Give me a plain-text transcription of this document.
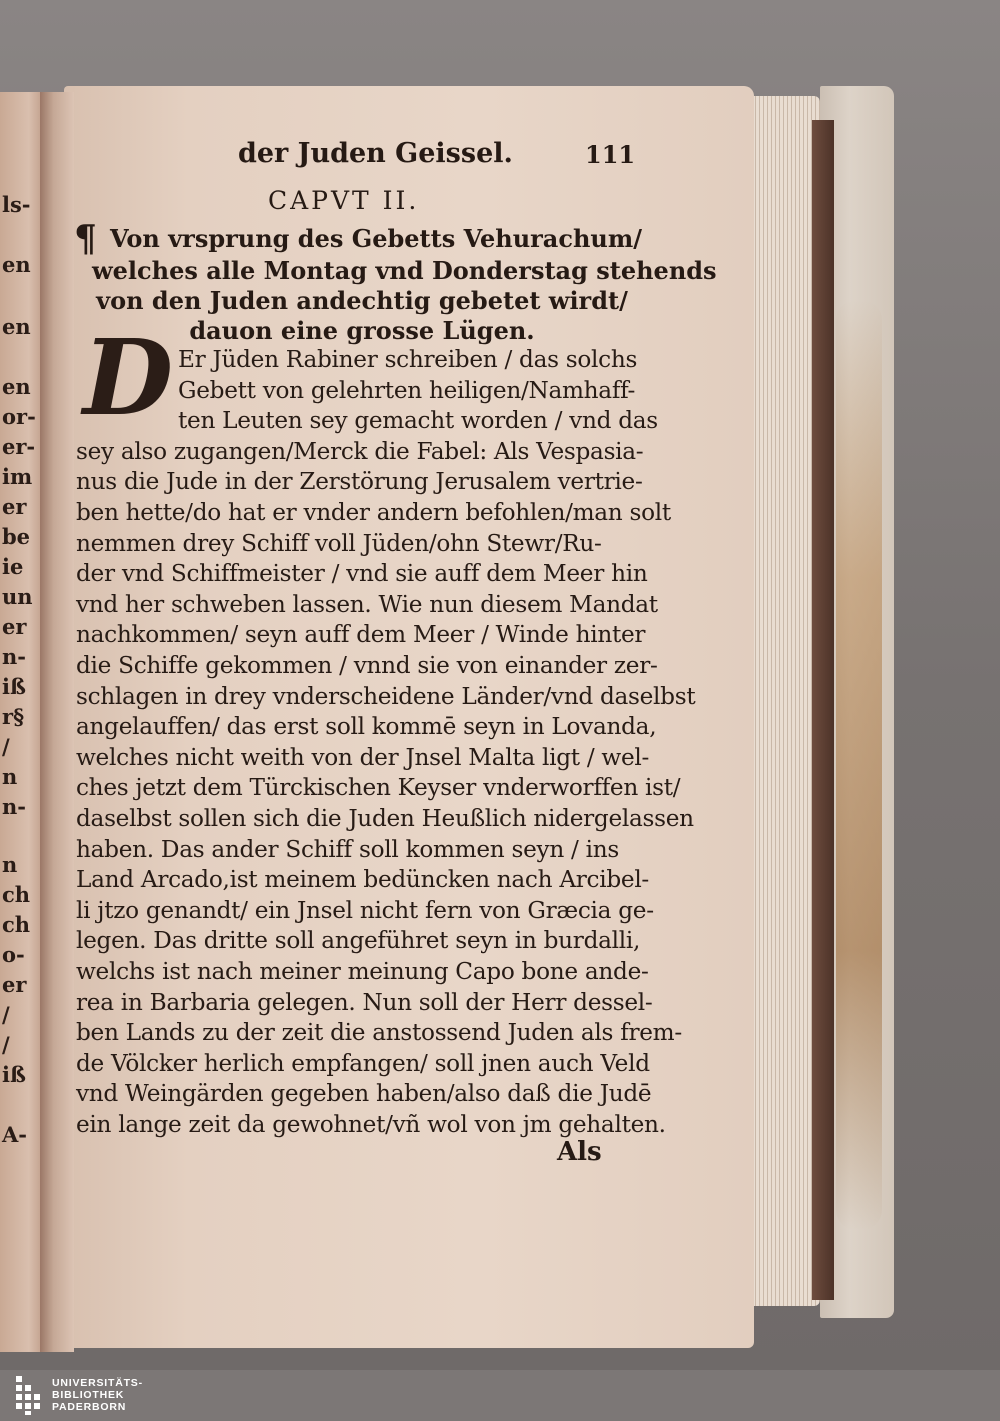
ls-
en
en
en
or-
er-
im
er
be
ie
un
er
n-
iß
r§
/
n
n-
n
ch
ch
o-
er
/
/
iß
A-
der Juden Geissel.	111
CAPVT II.
¶ Von vrsprung des Gebetts Vehurachum/
welches alle Montag vnd Donderstag stehends
von den Juden andechtig gebetet wirdt/
dauon eine grosse Lügen.
D Er Jüden Rabiner schreiben / das solchs
Gebett von gelehrten heiligen/Namhaff-
ten Leuten sey gemacht worden / vnd das
sey also zugangen/Merck die Fabel: Als Vespasia-
nus die Jude in der Zerstörung Jerusalem vertrie-
ben hette/do hat er vnder andern befohlen/man solt
nemmen drey Schiff voll Jüden/ohn Stewr/Ru-
der vnd Schiffmeister / vnd sie auff dem Meer hin
vnd her schweben lassen. Wie nun diesem Mandat
nachkommen/ seyn auff dem Meer / Winde hinter
die Schiffe gekommen / vnnd sie von einander zer-
schlagen in drey vnderscheidene Länder/vnd daselbst
angelauffen/ das erst soll kommē seyn in Lovanda,
welches nicht weith von der Jnsel Malta ligt / wel-
ches jetzt dem Türckischen Keyser vnderworffen ist/
daselbst sollen sich die Juden Heußlich nidergelassen
haben. Das ander Schiff soll kommen seyn / ins
Land Arcado,ist meinem bedüncken nach Arcibel-
li jtzo genandt/ ein Jnsel nicht fern von Græcia ge-
legen. Das dritte soll angeführet seyn in burdalli,
welchs ist nach meiner meinung Capo bone ande-
rea in Barbaria gelegen. Nun soll der Herr dessel-
ben Lands zu der zeit die anstossend Juden als frem-
de Völcker herlich empfangen/ soll jnen auch Veld
vnd Weingärden gegeben haben/also daß die Judē
ein lange zeit da gewohnet/vñ wol von jm gehalten.
Als
UNIVERSITÄTS-
BIBLIOTHEK
PADERBORN
